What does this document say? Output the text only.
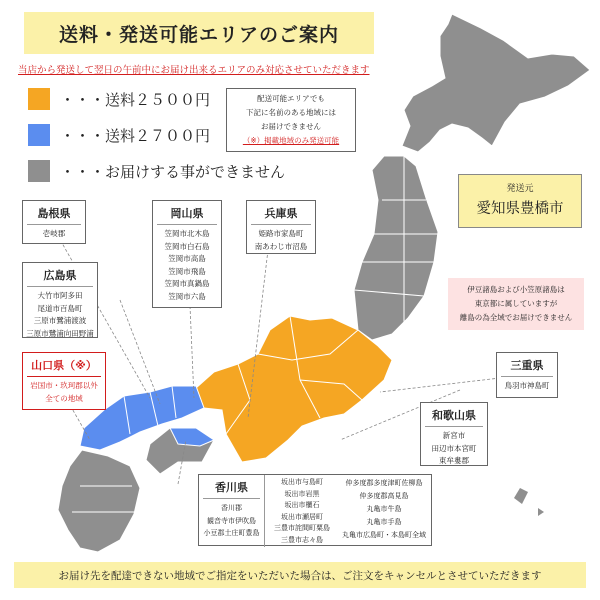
送料・発送可能エリアのご案内
当店から発送して翌日の午前中にお届け出来るエリアのみ対応させていただきます
・・・送料２５００円
・・・送料２７００円
・・・お届けする事ができません
配送可能エリアでも
下記に名前のある地域には
お届けできません
（※）掲載地域のみ発送可能
発送元
愛知県豊橋市
伊豆諸島および小笠原諸島は
東京都に属していますが
離島の為全域でお届けできません
島根県
壱岐郡
岡山県
笠岡市北木島
笠岡市白石島
笠岡市高島
笠岡市飛島
笠岡市真鍋島
笠岡市六島
兵庫県
姫路市家島町
南あわじ市沼島
広島県
大竹市阿多田
尾道市百島町
三原市鷺浦渡波
三原市鷺浦向田野浦
山口県（※）
岩国市・玖珂郡以外
全ての地域
三重県
鳥羽市神島町
和歌山県
新宮市
田辺市本宮町
東牟婁郡
香川県
香川郡
観音寺市伊吹島
小豆郡土庄町豊島
坂出市与島町
坂出市岩黒
坂出市櫃石
坂出市瀬居町
三豊市詫間町粟島
三豊市志々島
仲多度郡多度津町佐柳島
仲多度郡高見島
丸亀市牛島
丸亀市手島
丸亀市広島町・本島町全域
お届け先を配達できない地域でご指定をいただいた場合は、ご注文をキャンセルとさせていただきます
